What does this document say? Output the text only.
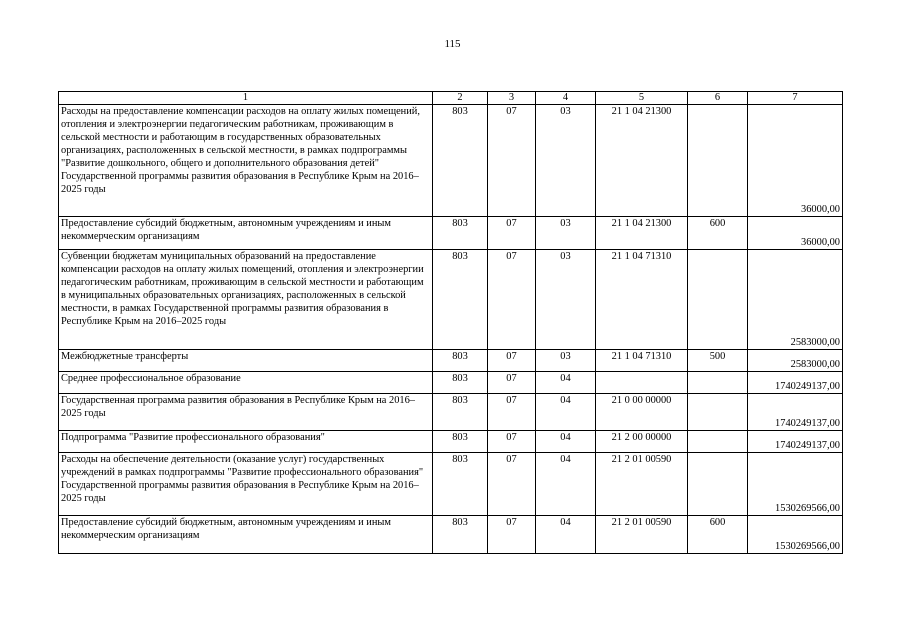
115
1	2	3	4	5	6	7
Расходы на предоставление компенсации расходов на оплату жилых помещений, отопления и электроэнергии педагогическим работникам, проживающим в сельской местности и работающим в государственных образовательных организациях, расположенных в сельской местности, в рамках подпрограммы "Развитие дошкольного, общего и дополнительного образования детей" Государственной программы развития образования в Республике Крым на 2016–2025 годы	803	07	03	21 1 04 21300		36000,00
Предоставление субсидий бюджетным, автономным учреждениям и иным некоммерческим организациям	803	07	03	21 1 04 21300	600	36000,00
Субвенции бюджетам муниципальных образований на предоставление компенсации расходов на оплату жилых помещений, отопления и электроэнергии педагогическим работникам, проживающим в сельской местности и работающим в муниципальных образовательных организациях, расположенных в сельской местности, в рамках Государственной программы развития образования в Республике Крым на 2016–2025 годы	803	07	03	21 1 04 71310		2583000,00
Межбюджетные трансферты	803	07	03	21 1 04 71310	500	2583000,00
Среднее профессиональное образование	803	07	04			1740249137,00
Государственная программа развития образования в Республике Крым на 2016–2025 годы	803	07	04	21 0 00 00000		1740249137,00
Подпрограмма "Развитие профессионального образования"	803	07	04	21 2 00 00000		1740249137,00
Расходы на обеспечение деятельности (оказание услуг) государственных учреждений в рамках подпрограммы "Развитие профессионального образования" Государственной программы развития образования в Республике Крым на 2016–2025 годы	803	07	04	21 2 01 00590		1530269566,00
Предоставление субсидий бюджетным, автономным учреждениям и иным некоммерческим организациям	803	07	04	21 2 01 00590	600	1530269566,00
